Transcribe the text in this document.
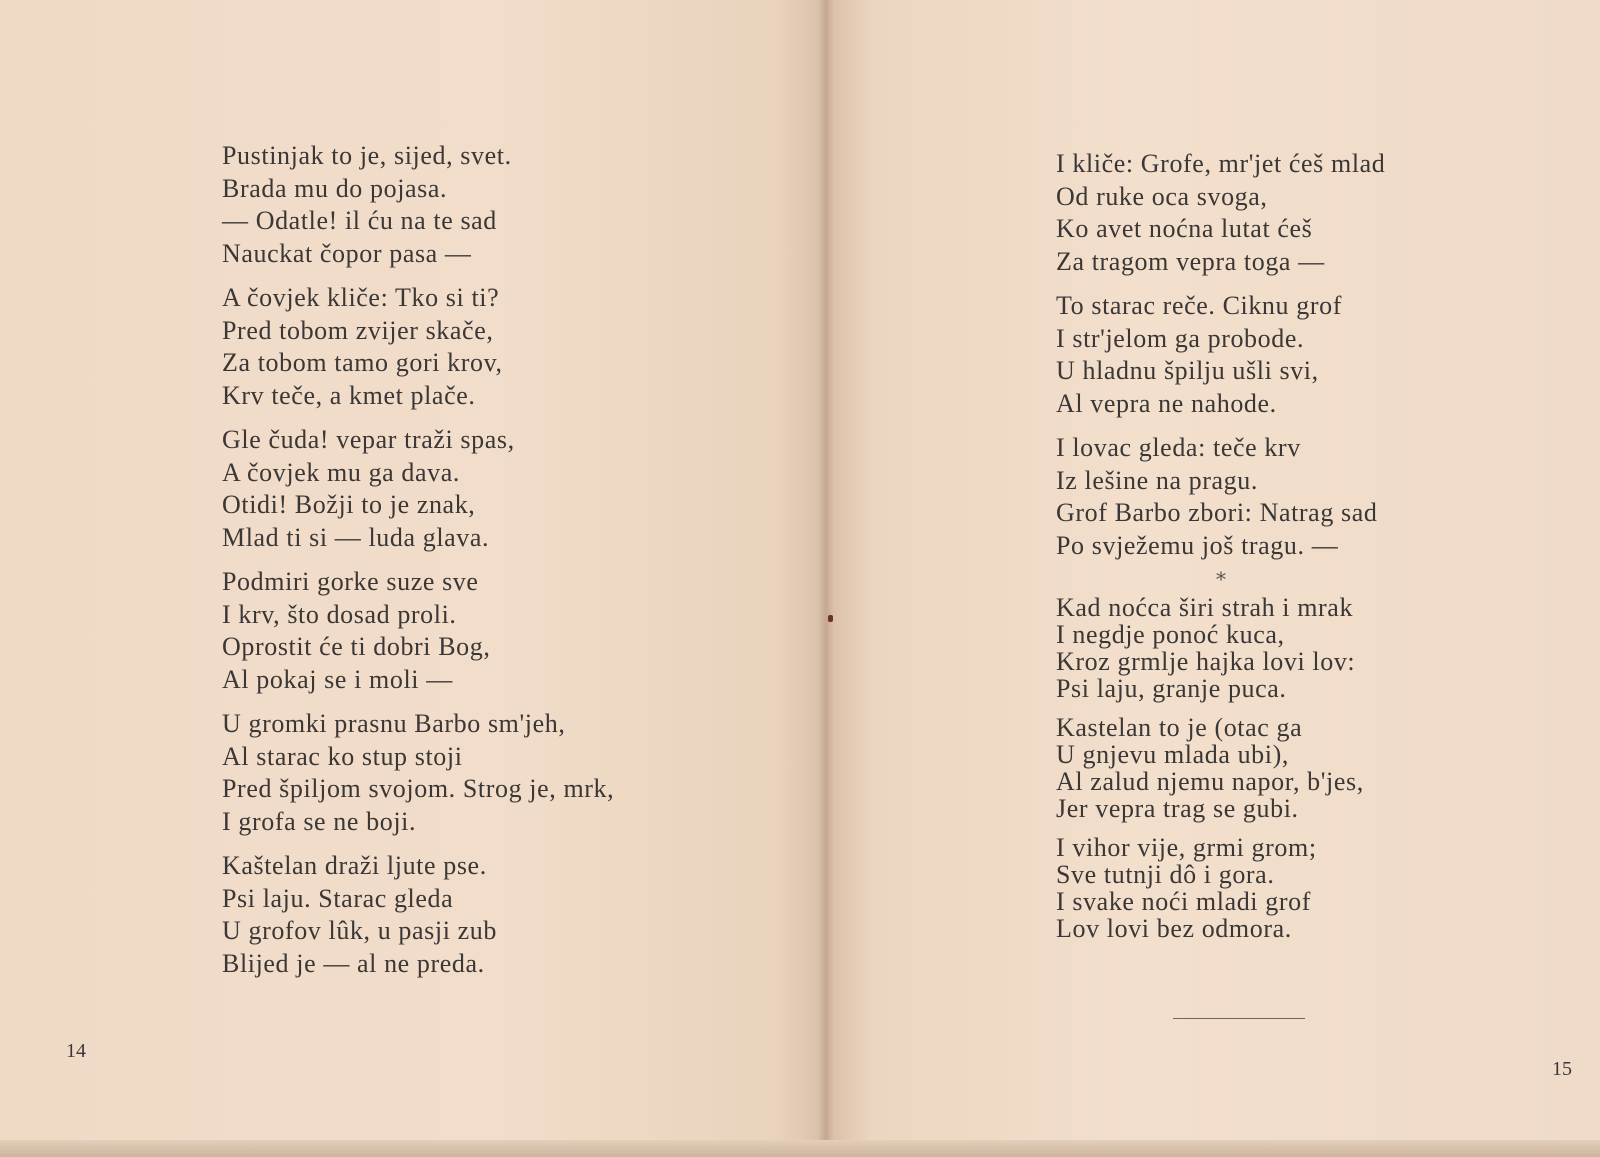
Pustinjak to je, sijed, svet.
Brada mu do pojasa.
— Odatle! il ću na te sad
Nauckat čopor pasa —
A čovjek kliče: Tko si ti?
Pred tobom zvijer skače,
Za tobom tamo gori krov,
Krv teče, a kmet plače.
Gle čuda! vepar traži spas,
A čovjek mu ga dava.
Otidi! Božji to je znak,
Mlad ti si — luda glava.
Podmiri gorke suze sve
I krv, što dosad proli.
Oprostit će ti dobri Bog,
Al pokaj se i moli —
U gromki prasnu Barbo sm'jeh,
Al starac ko stup stoji
Pred špiljom svojom. Strog je, mrk,
I grofa se ne boji.
Kaštelan draži ljute pse.
Psi laju. Starac gleda
U grofov lûk, u pasji zub
Blijed je — al ne preda.
14
I kliče: Grofe, mr'jet ćeš mlad
Od ruke oca svoga,
Ko avet noćna lutat ćeš
Za tragom vepra toga —
To starac reče. Ciknu grof
I str'jelom ga probode.
U hladnu špilju ušli svi,
Al vepra ne nahode.
I lovac gleda: teče krv
Iz lešine na pragu.
Grof Barbo zbori: Natrag sad
Po svježemu još tragu. —
*
Kad noćca širi strah i mrak
I negdje ponoć kuca,
Kroz grmlje hajka lovi lov:
Psi laju, granje puca.
Kastelan to je (otac ga
U gnjevu mlada ubi),
Al zalud njemu napor, b'jes,
Jer vepra trag se gubi.
I vihor vije, grmi grom;
Sve tutnji dô i gora.
I svake noći mladi grof
Lov lovi bez odmora.
15
